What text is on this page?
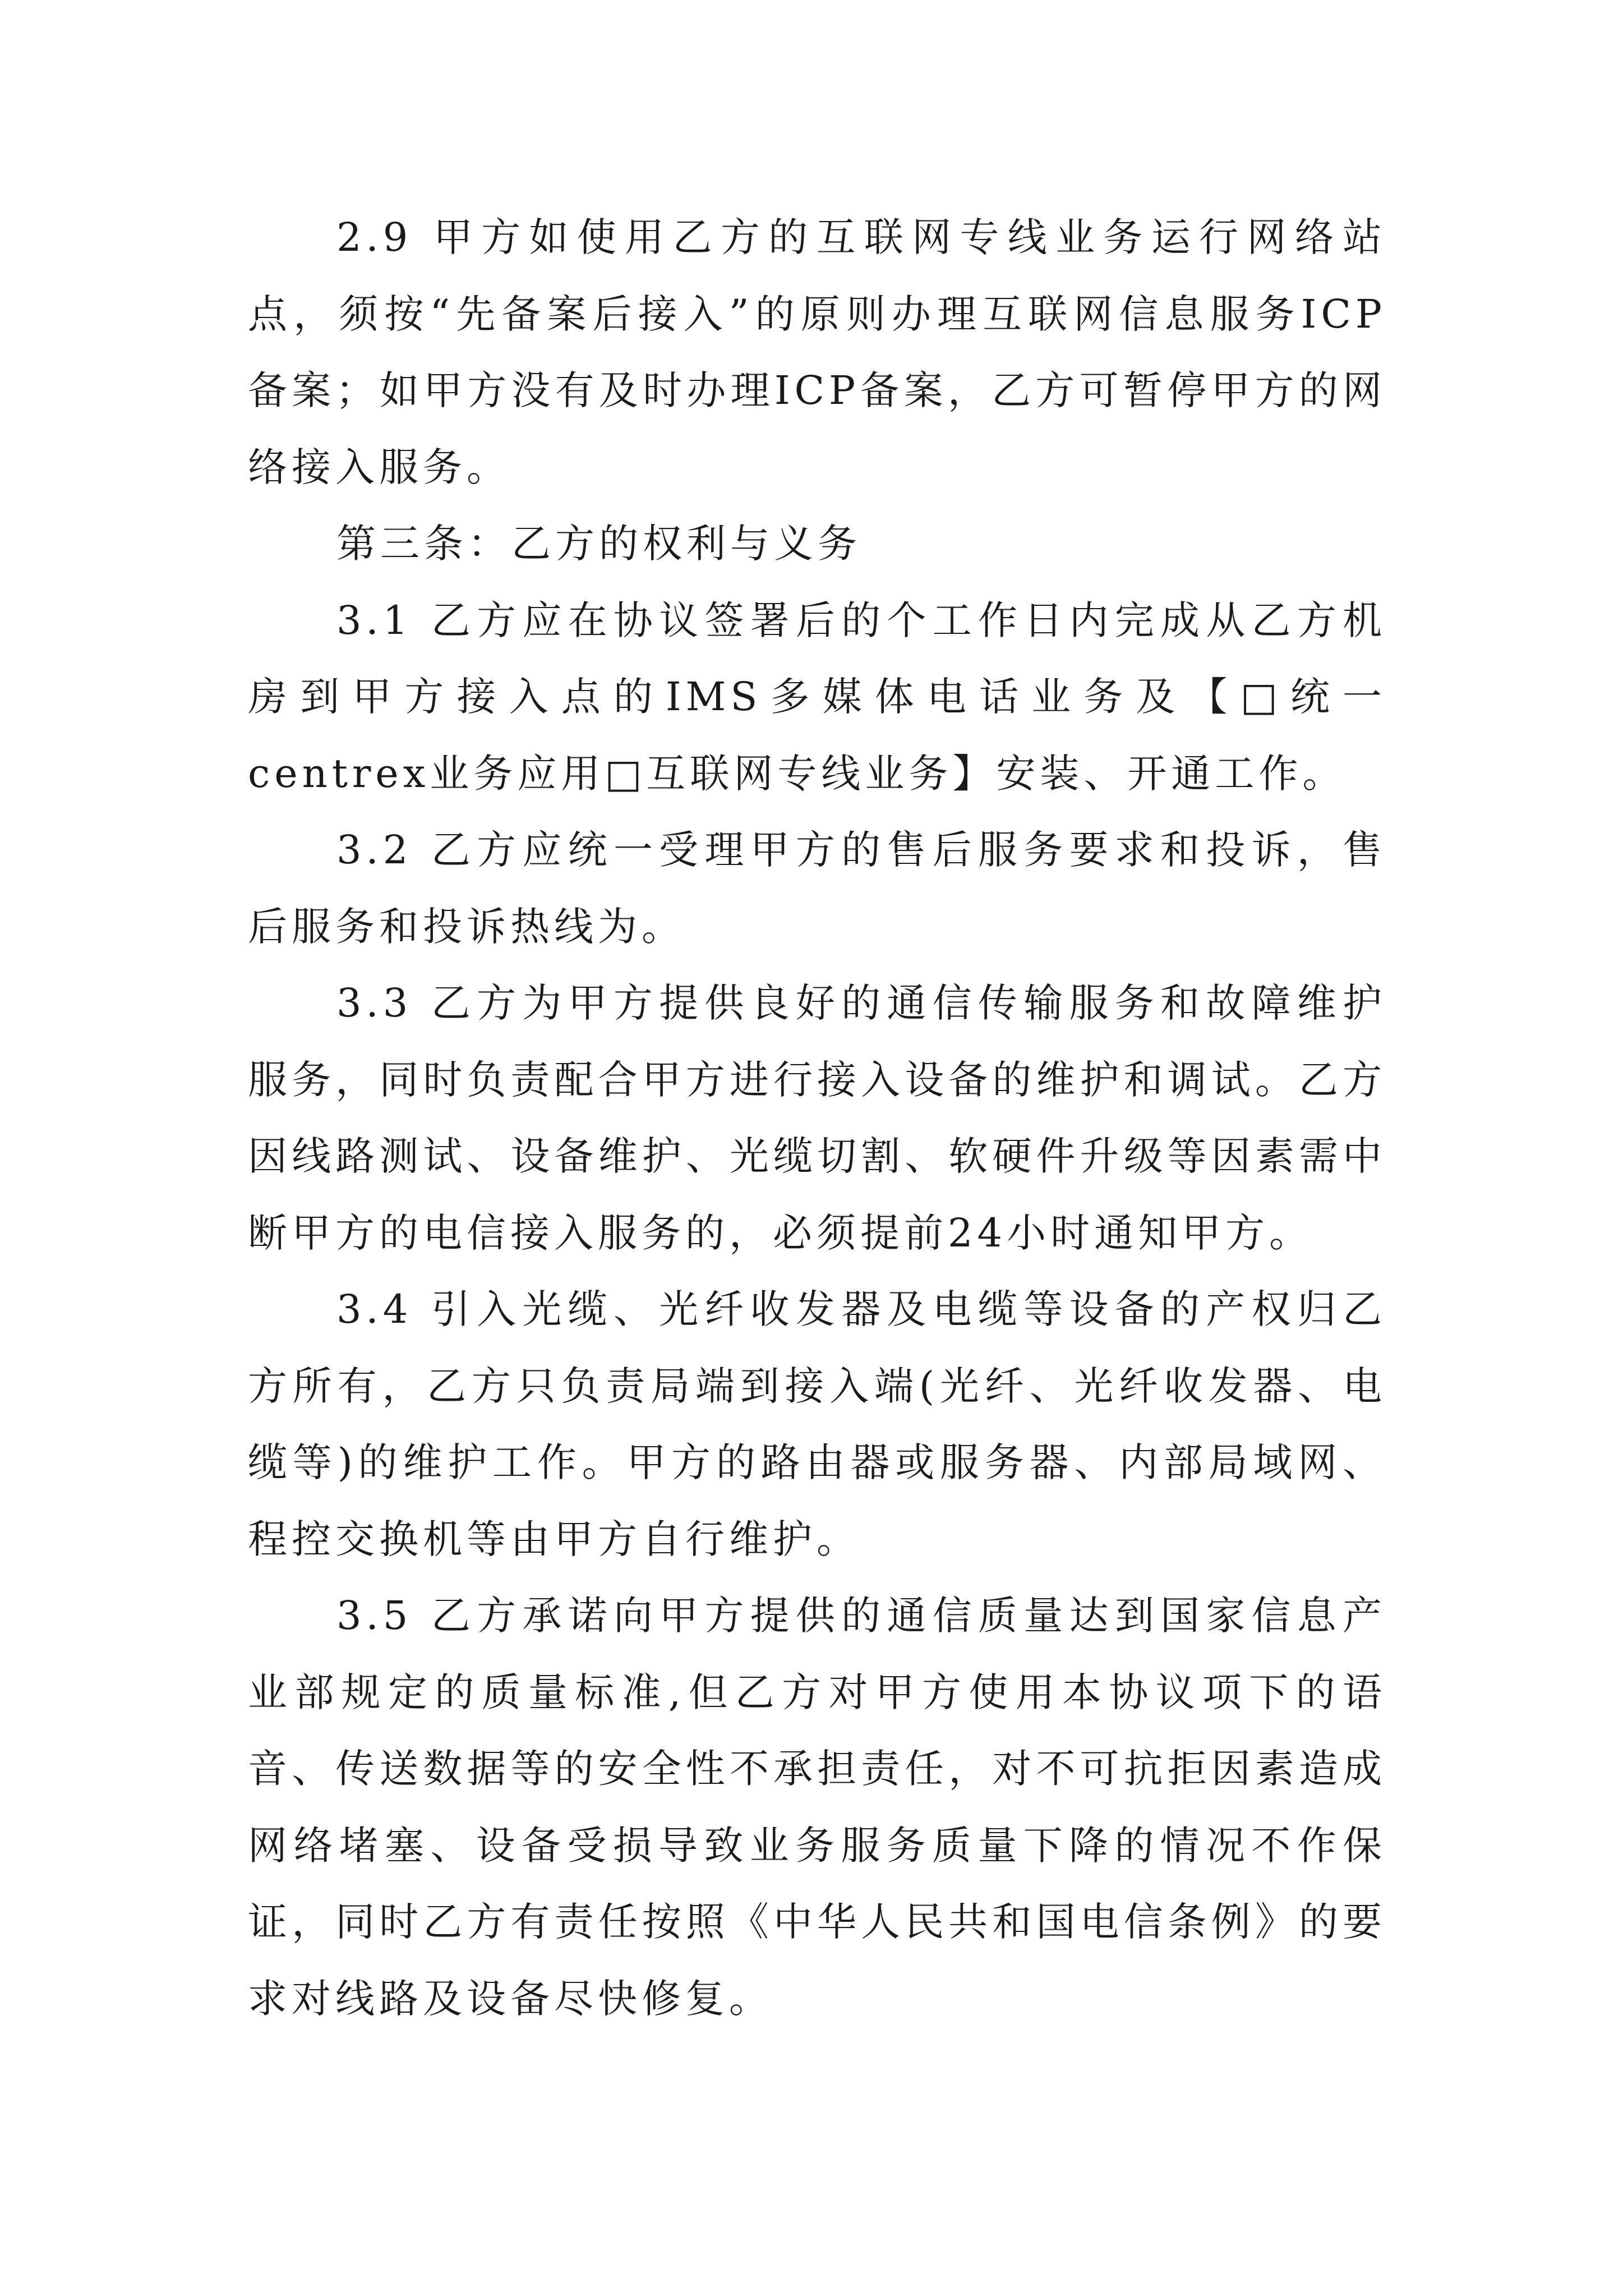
2.9 甲方如使用乙方的互联网专线业务运行网络站点，须按“先备案后接入”的原则办理互联网信息服务ICP备案；如甲方没有及时办理ICP备案，乙方可暂停甲方的网络接入服务。

第三条：乙方的权利与义务

3.1 乙方应在协议签署后的个工作日内完成从乙方机房到甲方接入点的IMS多媒体电话业务及【□统一centrex业务应用□互联网专线业务】安装、开通工作。

3.2 乙方应统一受理甲方的售后服务要求和投诉，售后服务和投诉热线为。

3.3 乙方为甲方提供良好的通信传输服务和故障维护服务，同时负责配合甲方进行接入设备的维护和调试。乙方因线路测试、设备维护、光缆切割、软硬件升级等因素需中断甲方的电信接入服务的，必须提前24小时通知甲方。

3.4 引入光缆、光纤收发器及电缆等设备的产权归乙方所有，乙方只负责局端到接入端(光纤、光纤收发器、电缆等)的维护工作。甲方的路由器或服务器、内部局域网、程控交换机等由甲方自行维护。

3.5 乙方承诺向甲方提供的通信质量达到国家信息产业部规定的质量标准,但乙方对甲方使用本协议项下的语音、传送数据等的安全性不承担责任，对不可抗拒因素造成网络堵塞、设备受损导致业务服务质量下降的情况不作保证，同时乙方有责任按照《中华人民共和国电信条例》的要求对线路及设备尽快修复。
